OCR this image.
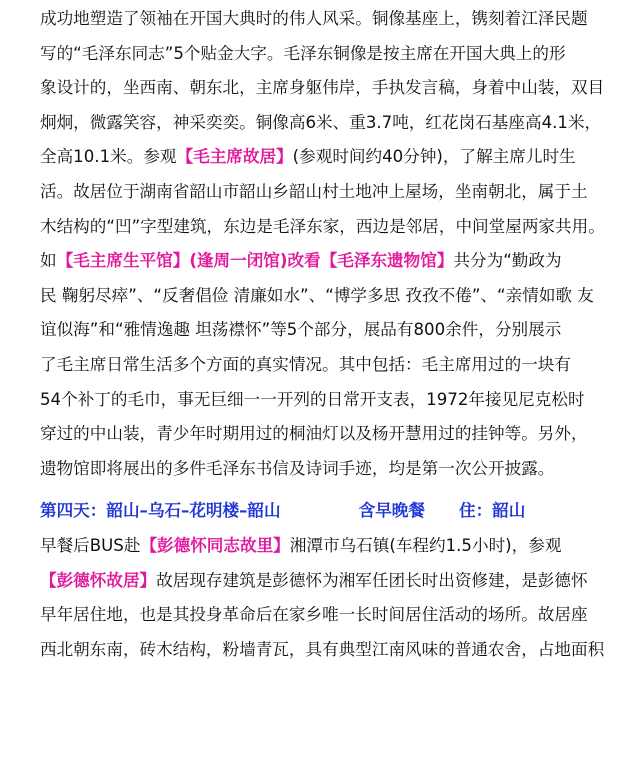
成功地塑造了领袖在开国大典时的伟人风采。铜像基座上，镌刻着江泽民题
写的“毛泽东同志”5个贴金大字。毛泽东铜像是按主席在开国大典上的形
象设计的，坐西南、朝东北，主席身躯伟岸，手执发言稿，身着中山装，双目
炯炯，微露笑容，神采奕奕。铜像高6米、重3.7吨，红花岗石基座高4.1米，
全高10.1米。参观【毛主席故居】(参观时间约40分钟)，了解主席儿时生
活。故居位于湖南省韶山市韶山乡韶山村土地冲上屋场，坐南朝北，属于土
木结构的“凹”字型建筑，东边是毛泽东家，西边是邻居，中间堂屋两家共用。
如【毛主席生平馆】(逢周一闭馆)改看【毛泽东遗物馆】共分为“勤政为
民 鞠躬尽瘁”、“反奢倡俭 清廉如水”、“博学多思 孜孜不倦”、“亲情如歌 友
谊似海”和“雅情逸趣 坦荡襟怀”等5个部分，展品有800余件，分别展示
了毛主席日常生活多个方面的真实情况。其中包括：毛主席用过的一块有
54个补丁的毛巾，事无巨细一一开列的日常开支表，1972年接见尼克松时
穿过的中山装，青少年时期用过的桐油灯以及杨开慧用过的挂钟等。另外，
遗物馆即将展出的多件毛泽东书信及诗词手迹，均是第一次公开披露。
第四天：韶山–乌石–花明楼–韶山	含早晚餐 住：韶山
早餐后BUS赴【彭德怀同志故里】湘潭市乌石镇(车程约1.5小时)，参观
【彭德怀故居】故居现存建筑是彭德怀为湘军任团长时出资修建，是彭德怀
早年居住地，也是其投身革命后在家乡唯一长时间居住活动的场所。故居座
西北朝东南，砖木结构，粉墙青瓦，具有典型江南风味的普通农舍，占地面积
